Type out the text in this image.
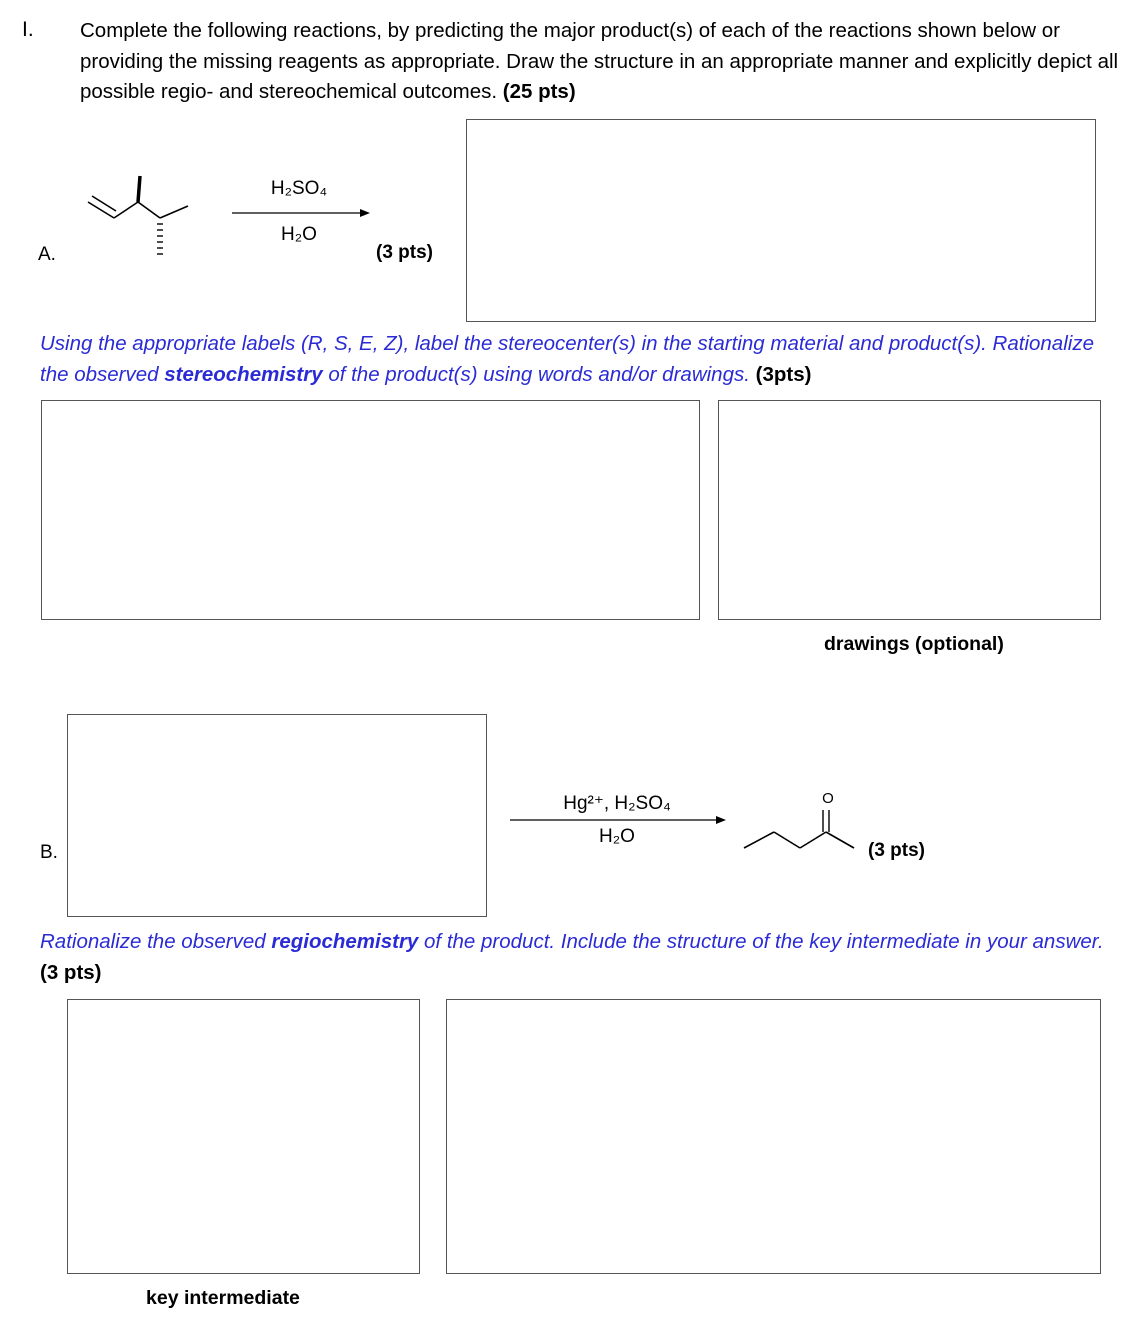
I. Complete the following reactions, by predicting the major product(s) of each of the reactions shown below or providing the missing reagents as appropriate. Draw the structure in an appropriate manner and explicitly depict all possible regio- and stereochemical outcomes. (25 pts)
A.
H₂SO₄
H₂O
(3 pts)
Using the appropriate labels (R, S, E, Z), label the stereocenter(s) in the starting material and product(s). Rationalize the observed stereochemistry of the product(s) using words and/or drawings. (3pts)
drawings (optional)
B.
Hg²⁺, H₂SO₄
H₂O
O
(3 pts)
Rationalize the observed regiochemistry of the product. Include the structure of the key intermediate in your answer. (3 pts)
key intermediate
